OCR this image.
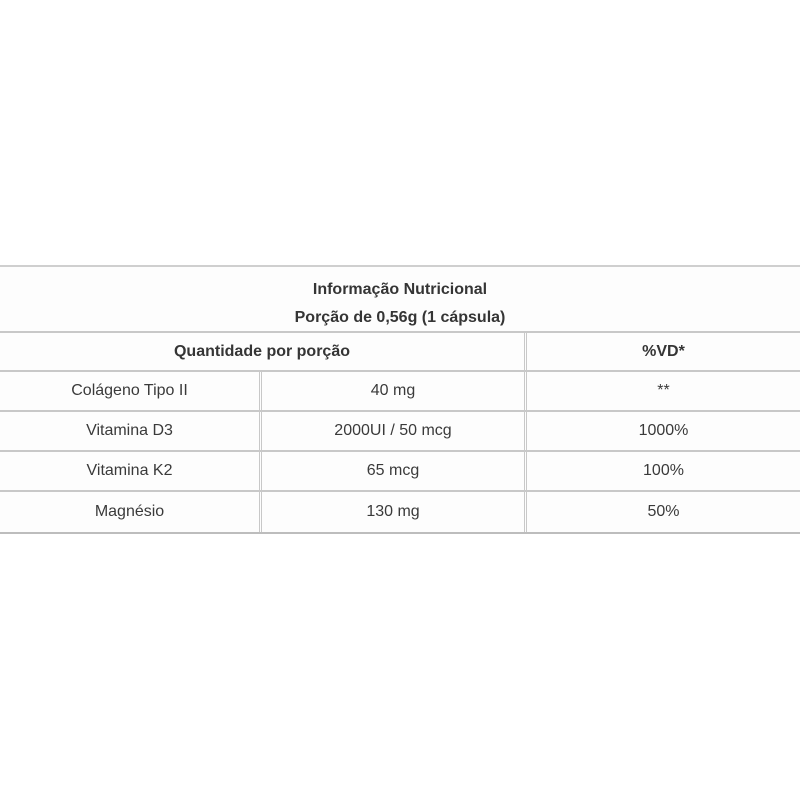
Informação Nutricional
Porção de 0,56g (1 cápsula)
Quantidade por porção	%VD*
Colágeno Tipo II	40 mg	**
Vitamina D3	2000UI / 50 mcg	1000%
Vitamina K2	65 mcg	100%
Magnésio	130 mg	50%
